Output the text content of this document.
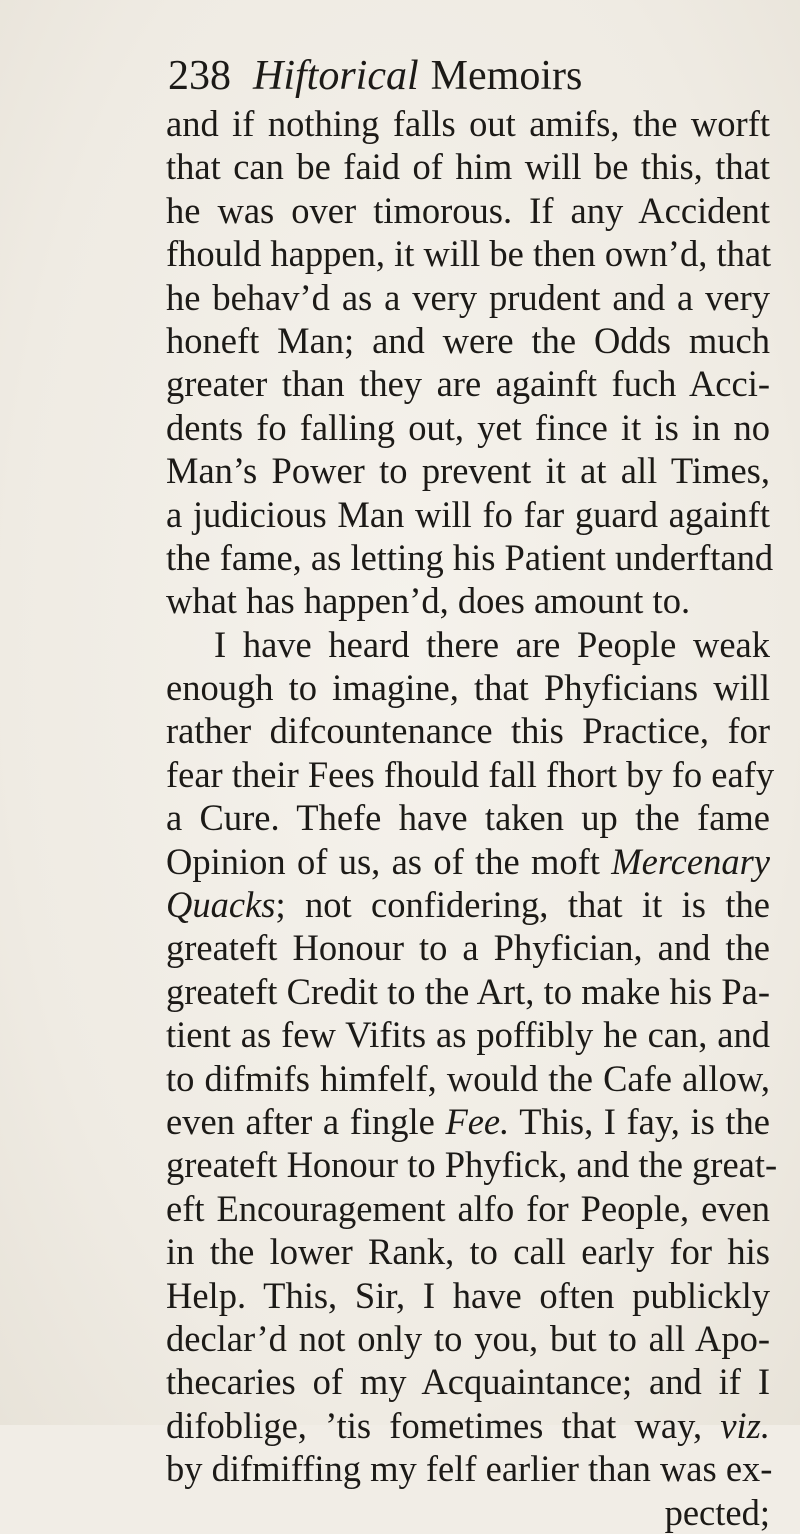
238 Hiftorical Memoirs
and if nothing falls out amifs, the worft
that can be faid of him will be this, that
he was over timorous. If any Accident
fhould happen, it will be then own’d, that
he behav’d as a very prudent and a very
honeft Man; and were the Odds much
greater than they are againft fuch Acci-
dents fo falling out, yet fince it is in no
Man’s Power to prevent it at all Times,
a judicious Man will fo far guard againft
the fame, as letting his Patient underftand
what has happen’d, does amount to.
I have heard there are People weak
enough to imagine, that Phyficians will
rather difcountenance this Practice, for
fear their Fees fhould fall fhort by fo eafy
a Cure. Thefe have taken up the fame
Opinion of us, as of the moft Mercenary
Quacks; not confidering, that it is the
greateft Honour to a Phyfician, and the
greateft Credit to the Art, to make his Pa-
tient as few Vifits as poffibly he can, and
to difmifs himfelf, would the Cafe allow,
even after a fingle Fee. This, I fay, is the
greateft Honour to Phyfick, and the great-
eft Encouragement alfo for People, even
in the lower Rank, to call early for his
Help. This, Sir, I have often publickly
declar’d not only to you, but to all Apo-
thecaries of my Acquaintance; and if I
difoblige, ’tis fometimes that way, viz.
by difmiffing my felf earlier than was ex-
pected;
